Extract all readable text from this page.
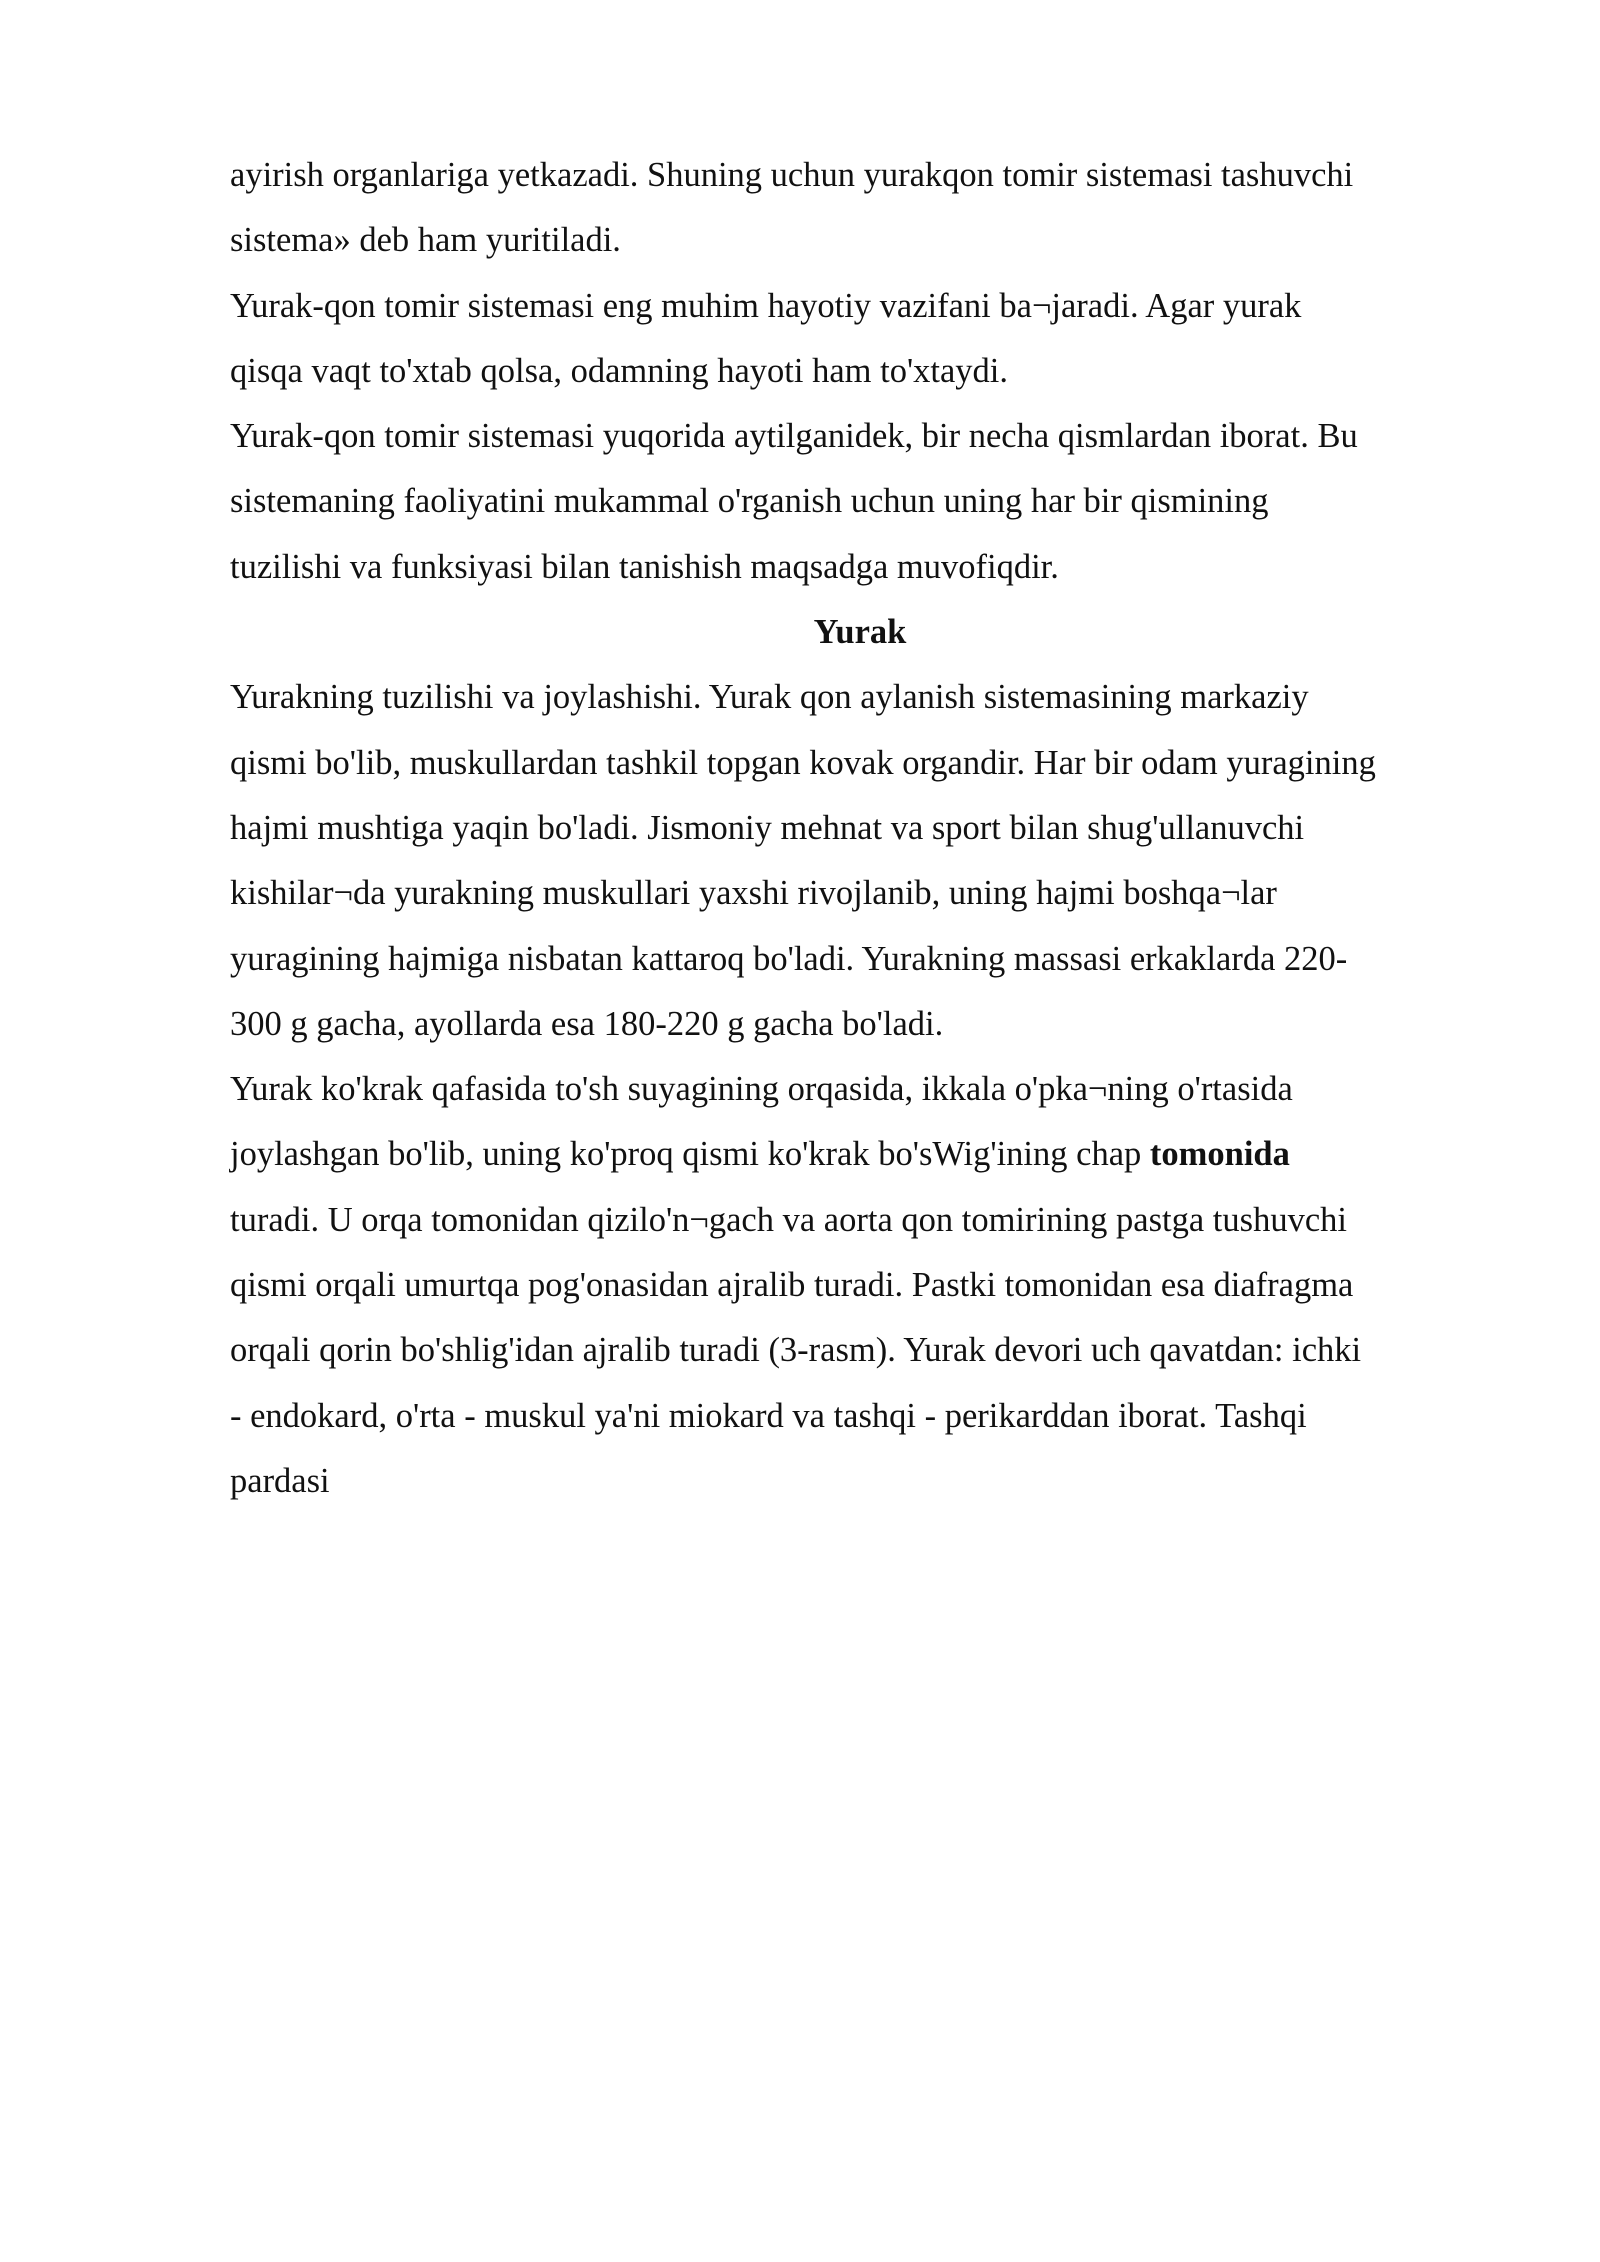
ayirish organlariga yetkazadi. Shuning uchun yurakqon tomir sistemasi tashuvchi
sistema» deb ham yuritiladi.
Yurak-qon tomir sistemasi eng muhim hayotiy vazifani ba¬jaradi. Agar yurak
qisqa vaqt to'xtab qolsa, odamning hayoti ham to'xtaydi.
Yurak-qon tomir sistemasi yuqorida aytilganidek, bir necha qismlardan iborat. Bu
sistemaning faoliyatini mukammal o'rganish uchun uning har bir qismining
tuzilishi va funksiyasi bilan tanishish maqsadga muvofiqdir.
Yurak
Yurakning tuzilishi va joylashishi. Yurak qon aylanish sistemasining markaziy
qismi bo'lib, muskullardan tashkil topgan kovak organdir. Har bir odam yuragining
hajmi mushtiga yaqin bo'ladi. Jismoniy mehnat va sport bilan shug'ullanuvchi
kishilar¬da yurakning muskullari yaxshi rivojlanib, uning hajmi boshqa¬lar
yuragining hajmiga nisbatan kattaroq bo'ladi. Yurakning massasi erkaklarda 220-
300 g gacha, ayollarda esa 180-220 g gacha bo'ladi.
Yurak ko'krak qafasida to'sh suyagining orqasida, ikkala o'pka¬ning o'rtasida
joylashgan bo'lib, uning ko'proq qismi ko'krak bo'sWig'ining chap tomonida
turadi. U orqa tomonidan qizilo'n¬gach va aorta qon tomirining pastga tushuvchi
qismi orqali umurtqa pog'onasidan ajralib turadi. Pastki tomonidan esa diafragma
orqali qorin bo'shlig'idan ajralib turadi (3-rasm). Yurak devori uch qavatdan: ichki
- endokard, o'rta - muskul ya'ni miokard va tashqi - perikarddan iborat. Tashqi
pardasi
